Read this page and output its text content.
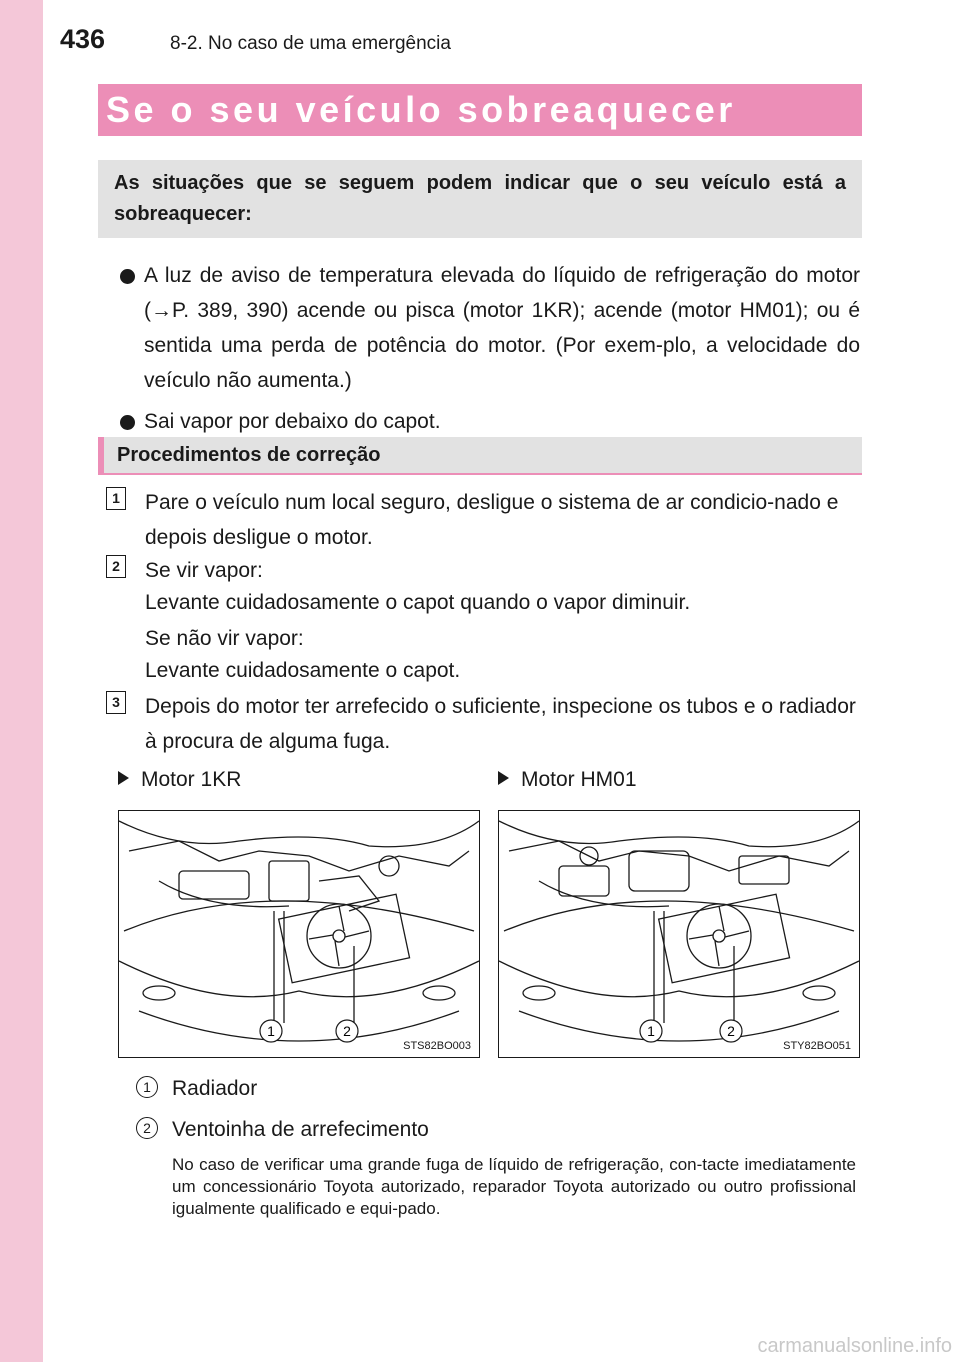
436	8-2. No caso de uma emergência
Se o seu veículo sobreaquecer
As situações que se seguem podem indicar que o seu veículo está a sobreaquecer:
A luz de aviso de temperatura elevada do líquido de refrigeração do motor (→P. 389, 390) acende ou pisca (motor 1KR); acende (motor HM01); ou é sentida uma perda de potência do motor. (Por exem-plo, a velocidade do veículo não aumenta.)
Sai vapor por debaixo do capot.
Procedimentos de correção
1 Pare o veículo num local seguro, desligue o sistema de ar condicio-nado e depois desligue o motor.
2 Se vir vapor:
Levante cuidadosamente o capot quando o vapor diminuir.
Se não vir vapor:
Levante cuidadosamente o capot.
3 Depois do motor ter arrefecido o suficiente, inspecione os tubos e o radiador à procura de alguma fuga.
Motor 1KR	Motor HM01
1	2
STS82BO003
1	2
STY82BO051
1	Radiador
2	Ventoinha de arrefecimento
No caso de verificar uma grande fuga de líquido de refrigeração, con-tacte imediatamente um concessionário Toyota autorizado, reparador Toyota autorizado ou outro profissional igualmente qualificado e equi-pado.
carmanualsonline.info
